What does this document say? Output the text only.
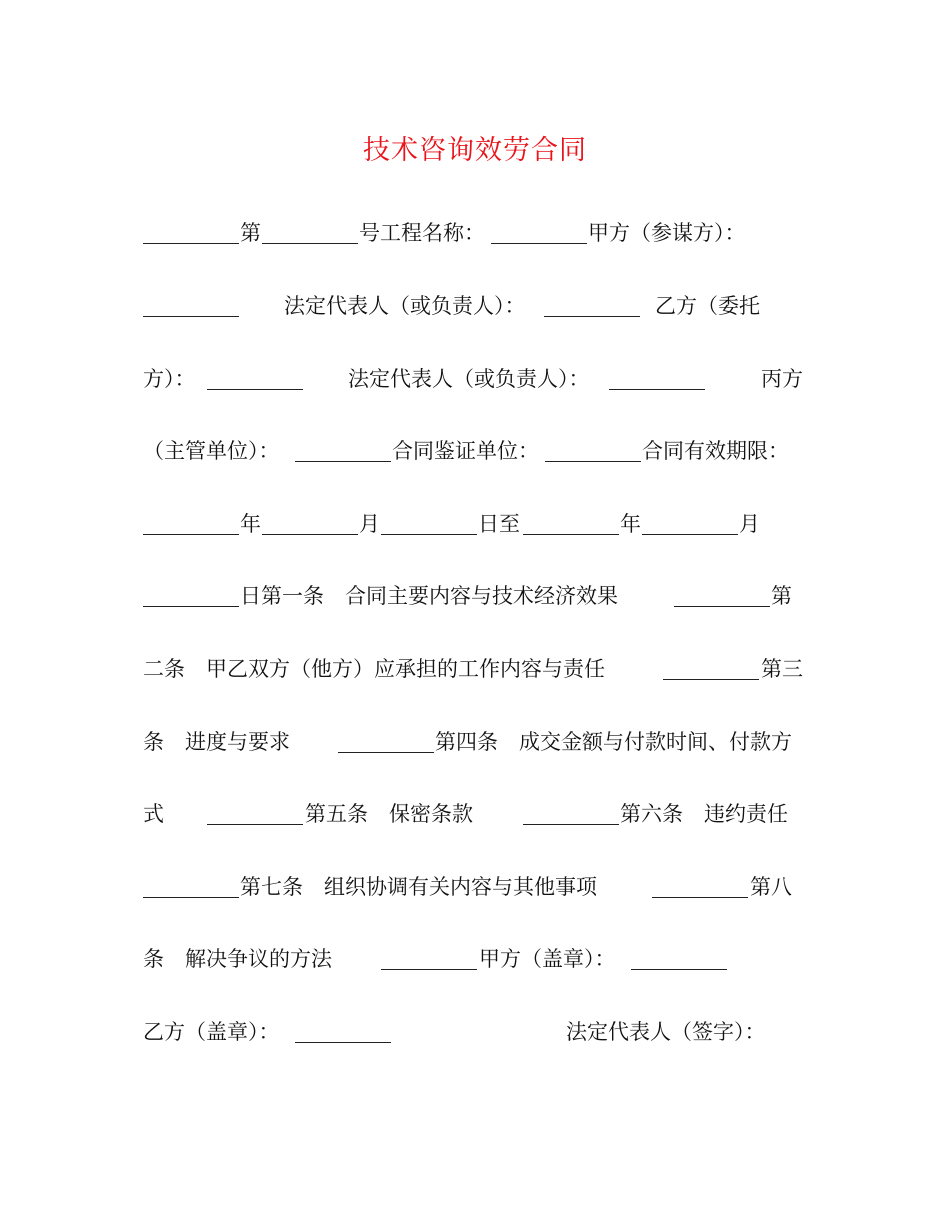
技术咨询效劳合同
第	号工程名称：	甲方（参谋方）：
法定代表人（或负责人）：	乙方（委托
方）：	法定代表人（或负责人）：	丙方
（主管单位）：	合同鉴证单位：	合同有效期限：
年	月	日至	年	月
日第一条　合同主要内容与技术经济效果	第
二条　甲乙双方（他方）应承担的工作内容与责任	第三
条　进度与要求	第四条　成交金额与付款时间、付款方
式	第五条　保密条款	第六条　违约责任
第七条　组织协调有关内容与其他事项	第八
条　解决争议的方法	甲方（盖章）：
乙方（盖章）：	法定代表人（签字）：
